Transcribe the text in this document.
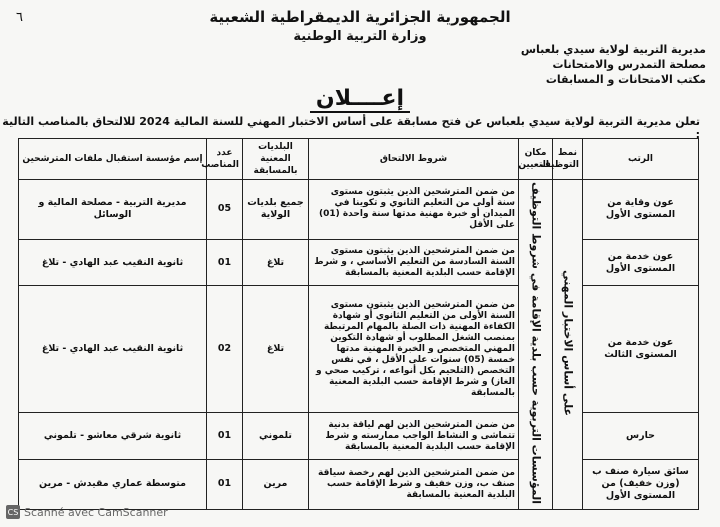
٦	الجمهورية الجزائرية الديمقراطية الشعبية
وزارة التربية الوطنية
مديرية التربية لولاية سيدي بلعباس
مصلحة التمدرس والامتحانات
مكتب الامتحانات و المسابقات
إعــــلان
تعلن مديرية التربية لولاية سيدي بلعباس عن فتح مسابقة على أساس الاختبار المهني للسنة المالية 2024 للالتحاق بالمناصب التالية :
الرتب	نمط التوظيف	مكان التعيين	شروط الالتحاق	البلديات المعنية بالمسابقة	عدد المناصب	إسم مؤسسة استقبال ملفات المترشحين
عون وقاية من المستوى الأول	على أساس الاختبار المهني	المؤسسات التربوية حسب بلدية الإقامة في شروط التوظيف	من ضمن المترشحين الذين يثبتون مستوى سنة أولى من التعليم الثانوي و تكوينا في الميدان أو خبرة مهنية مدتها سنة واحدة (01) على الأقل	جميع بلديات الولاية	05	مديرية التربية - مصلحة المالية و الوسائل
عون خدمة من المستوى الأول			من ضمن المترشحين الذين يثبتون مستوى السنة السادسة من التعليم الأساسي ، و شرط الإقامة حسب البلدية المعنية بالمسابقة	تلاغ	01	ثانوية النقيب عبد الهادي - تلاغ
عون خدمة من المستوى الثالث			من ضمن المترشحين الذين يثبتون مستوى السنة الأولى من التعليم الثانوي أو شهادة الكفاءة المهنية ذات الصلة بالمهام المرتبطة بمنصب الشغل المطلوب أو شهادة التكوين المهني المتخصص و الخبرة المهنية مدتها خمسة (05) سنوات على الأقل ، في نفس التخصص (التلحيم بكل أنواعه ، تركيب صحي و الغاز) و شرط الإقامة حسب البلدية المعنية بالمسابقة	تلاغ	02	ثانوية النقيب عبد الهادي - تلاغ
حارس			من ضمن المترشحين الذين لهم لياقة بدنية تتماشى و النشاط الواجب ممارسته و شرط الإقامة حسب البلدية المعنية بالمسابقة	تلموني	01	ثانوية شرقي معاشو - تلموني
سائق سيارة صنف ب (وزن خفيف) من المستوى الأول			من ضمن المترشحين الذين لهم رخصة سياقة صنف ب، وزن خفيف و شرط الإقامة حسب البلدية المعنية بالمسابقة	مرين	01	متوسطة عماري مقيدش - مرين
CS Scanné avec CamScanner
